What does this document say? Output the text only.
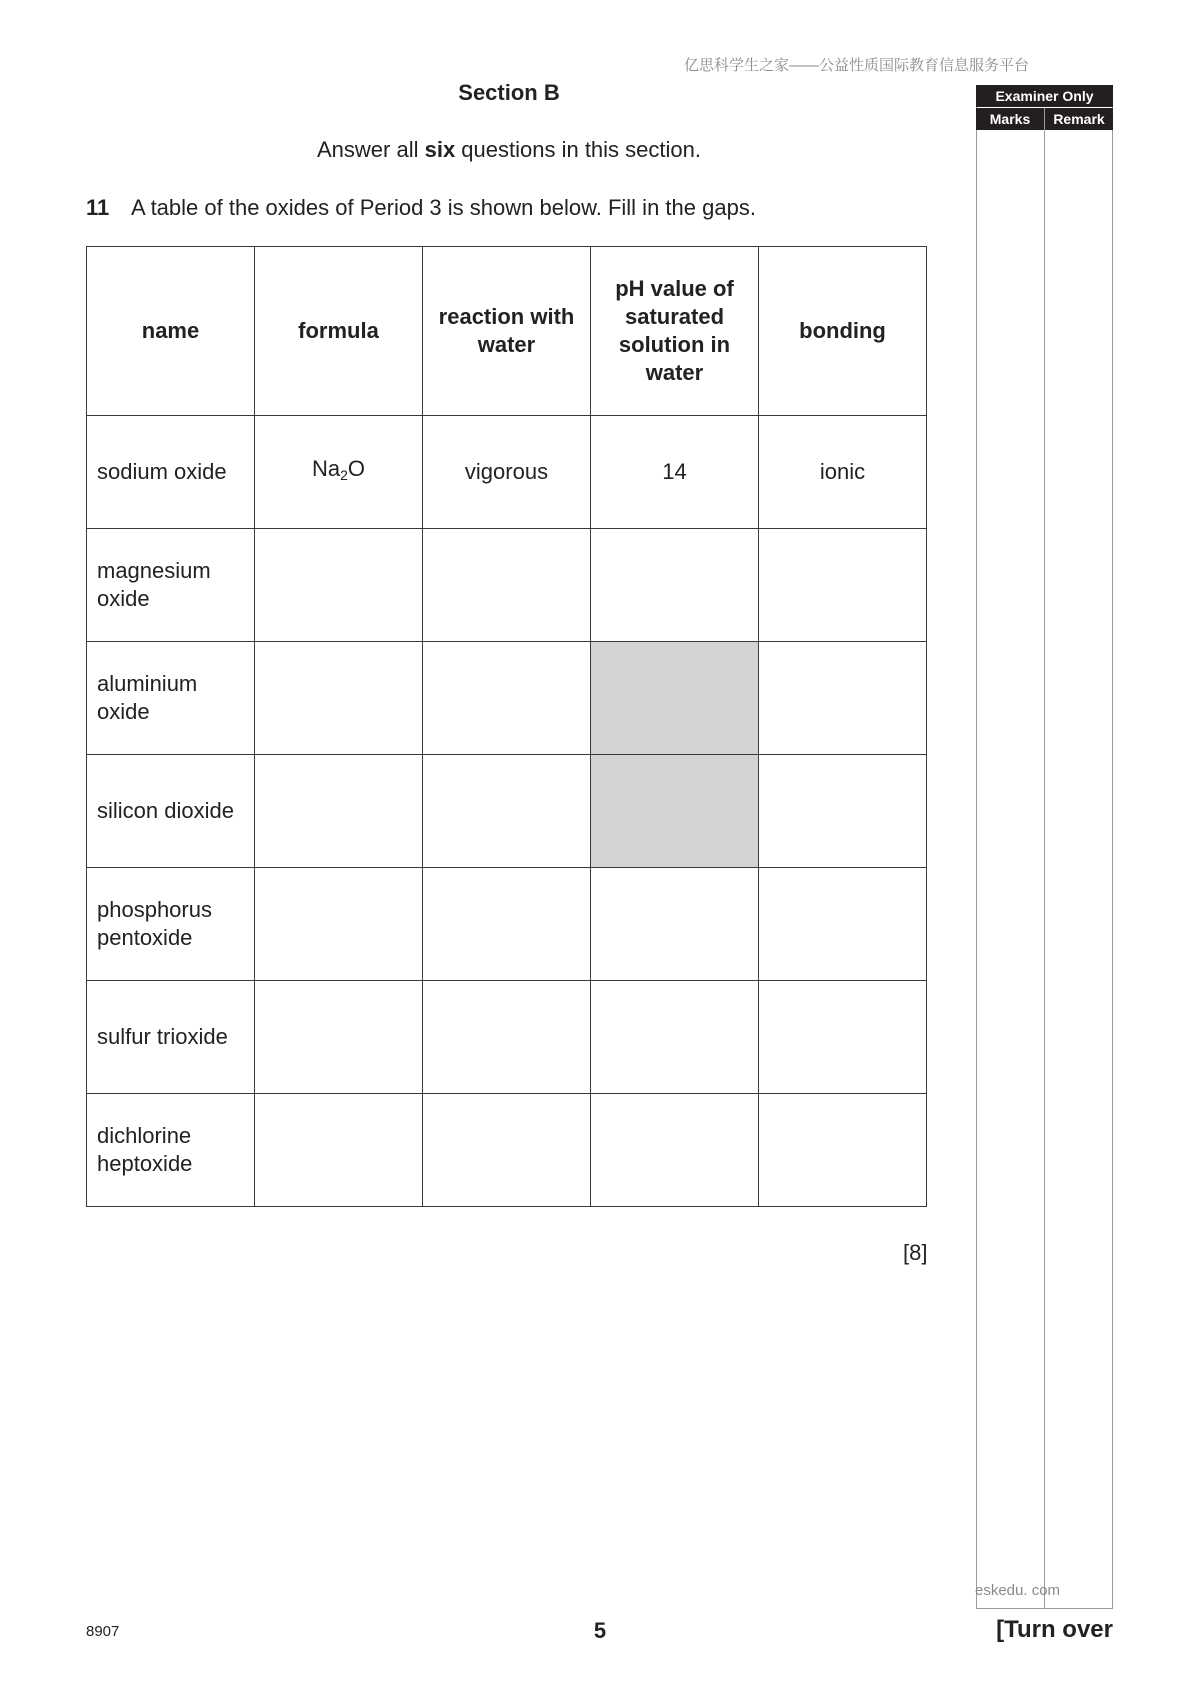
亿思科学生之家——公益性质国际教育信息服务平台
Section B
Answer all six questions in this section.
11 A table of the oxides of Period 3 is shown below. Fill in the gaps.
name	formula	reaction with water	pH value of saturated solution in water	bonding
sodium oxide	$Na_2O$	vigorous	14	ionic
magnesium oxide				
aluminium oxide				
silicon dioxide				
phosphorus pentoxide				
sulfur trioxide				
dichlorine heptoxide				
[8]
Examiner Only
Marks	Remark
eskedu. com
8907	5	[Turn over
